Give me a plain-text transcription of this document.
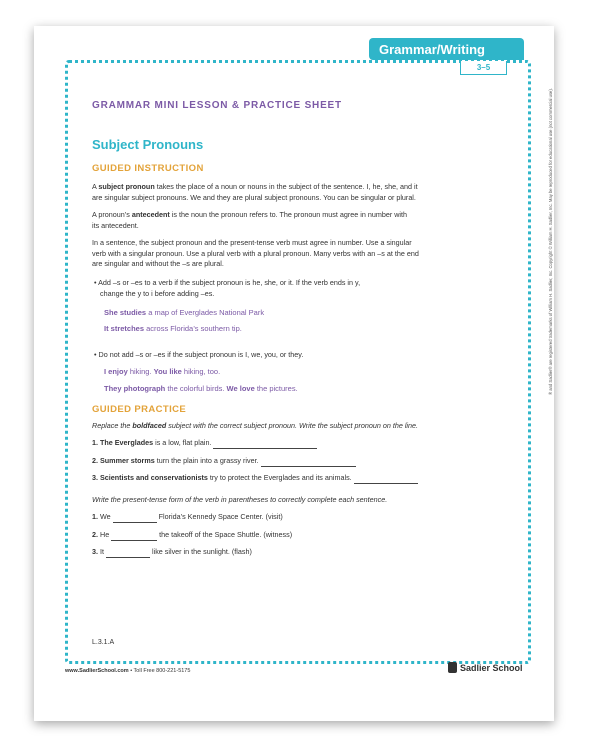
Grammar/Writing
3–5
GRAMMAR MINI LESSON & PRACTICE SHEET
Subject Pronouns
GUIDED INSTRUCTION
A subject pronoun takes the place of a noun or nouns in the subject of the sentence. I, he, she, and it
are singular subject pronouns. We and they are plural subject pronouns. You can be singular or plural.
A pronoun’s antecedent is the noun the pronoun refers to. The pronoun must agree in number with
its antecedent.
In a sentence, the subject pronoun and the present-tense verb must agree in number. Use a singular
verb with a singular pronoun. Use a plural verb with a plural pronoun. Many verbs with an –s at the end
are singular and without the –s are plural.
• Add –s or –es to a verb if the subject pronoun is he, she, or it. If the verb ends in y,
change the y to i before adding –es.
She studies a map of Everglades National Park
It stretches across Florida’s southern tip.
• Do not add –s or –es if the subject pronoun is I, we, you, or they.
I enjoy hiking. You like hiking, too.
They photograph the colorful birds. We love the pictures.
GUIDED PRACTICE
Replace the boldfaced subject with the correct subject pronoun. Write the subject pronoun on the line.
1. The Everglades is a low, flat plain.
2. Summer storms turn the plain into a grassy river.
3. Scientists and conservationists try to protect the Everglades and its animals.
Write the present-tense form of the verb in parentheses to correctly complete each sentence.
1. We	Florida’s Kennedy Space Center. (visit)
2. He	the takeoff of the Space Shuttle. (witness)
3. It	like silver in the sunlight. (flash)
L.3.1.A
www.SadlierSchool.com • Toll Free 800-221-5175	Sadlier School
® and Sadlier® are registered trademarks of William H. Sadlier, Inc. Copyright © William H. Sadlier, Inc. May be reproduced for educational use (not commercial use).
